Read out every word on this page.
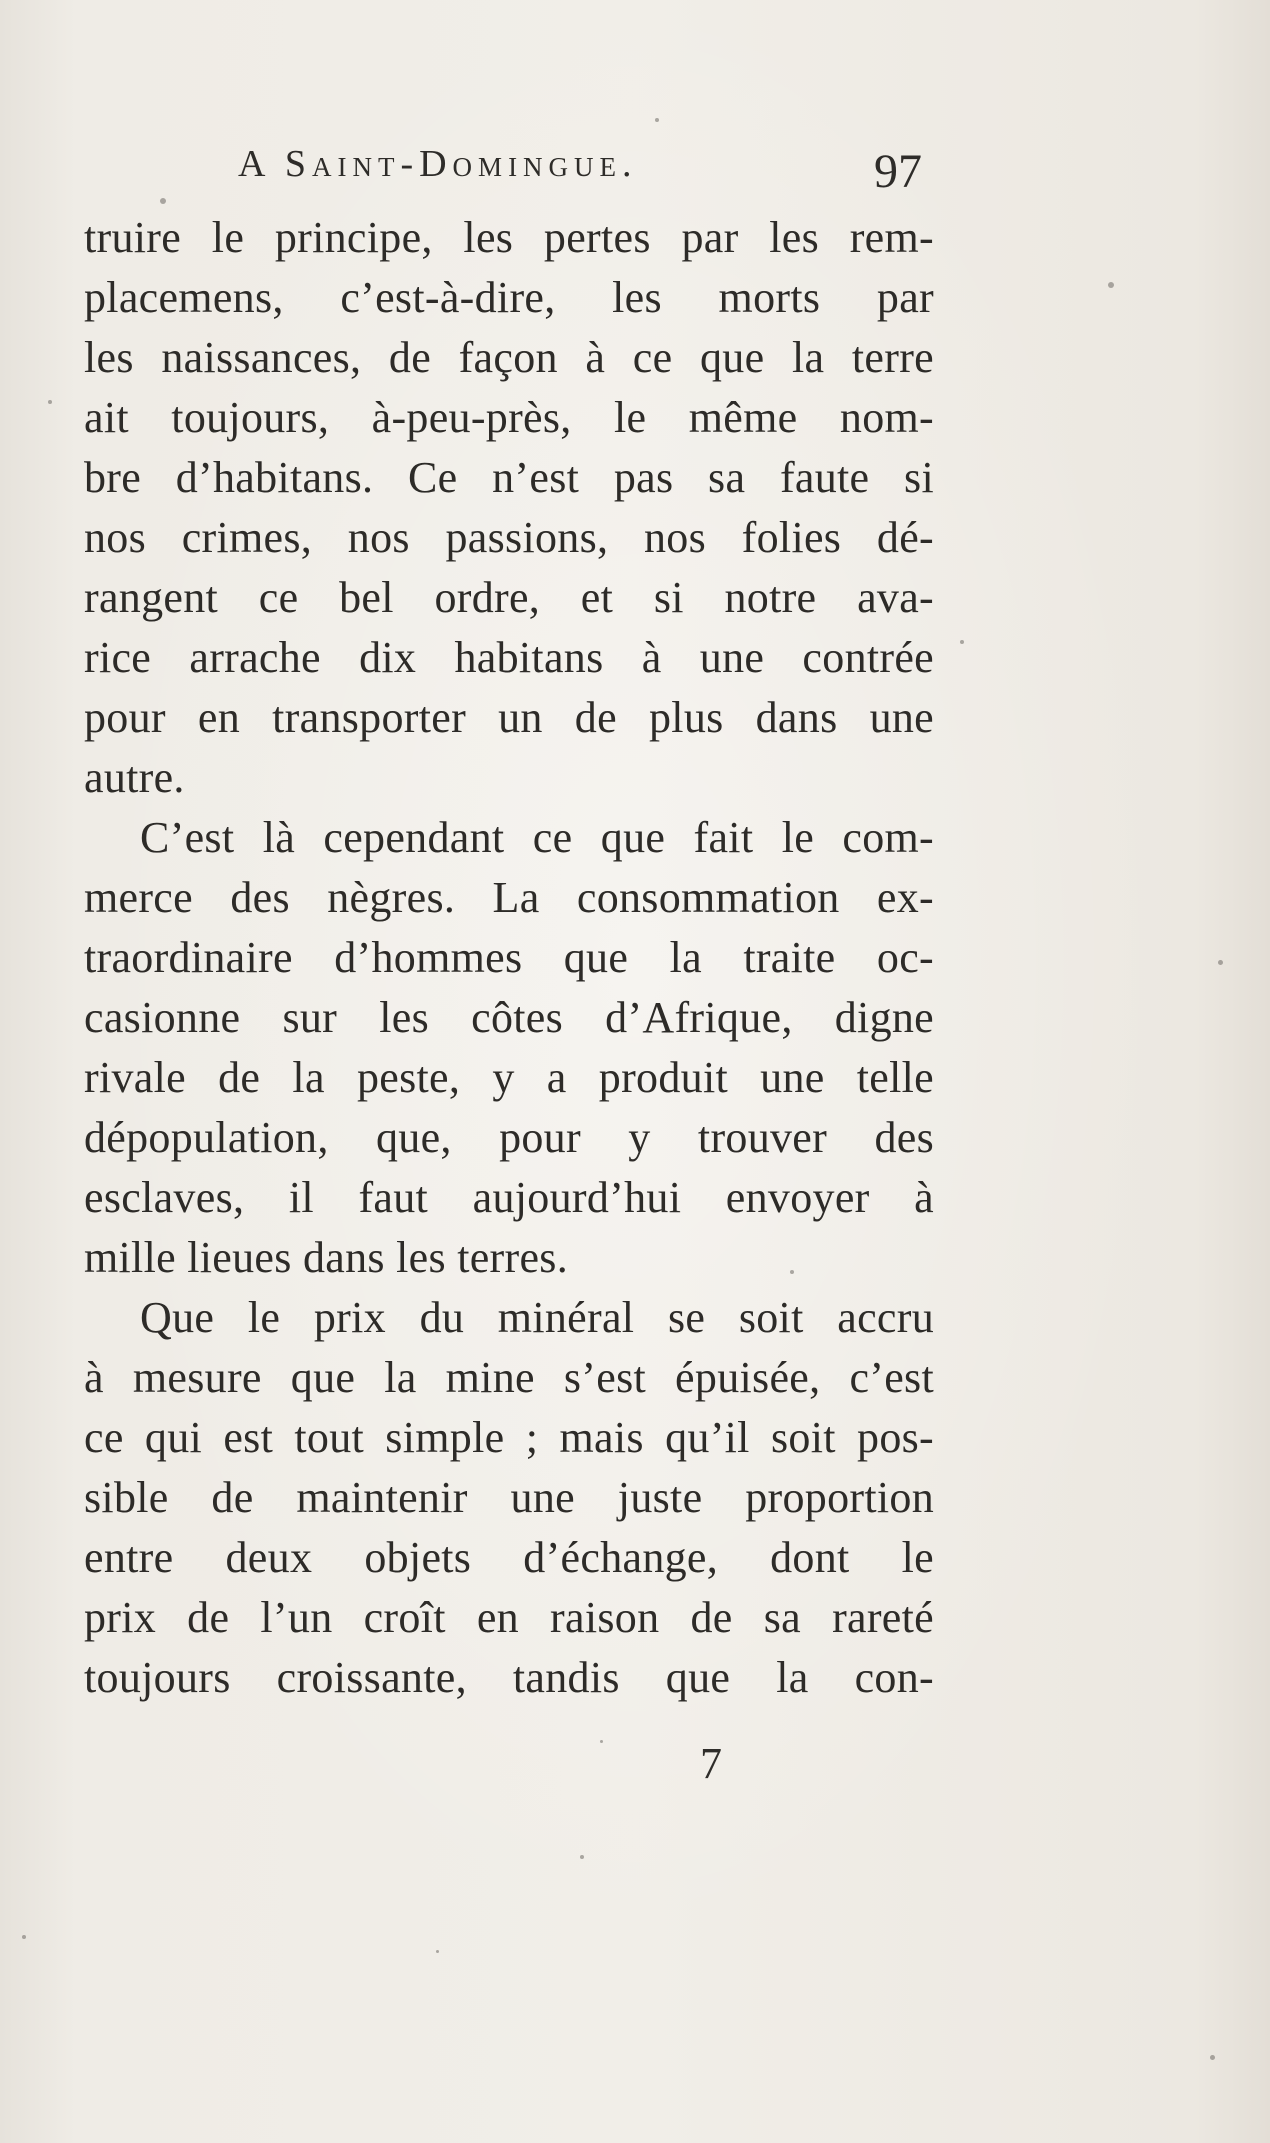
A Saint-Domingue.	97
truire le principe, les pertes par les rem-
placemens, c’est-à-dire, les morts par
les naissances, de façon à ce que la terre
ait toujours, à-peu-près, le même nom-
bre d’habitans. Ce n’est pas sa faute si
nos crimes, nos passions, nos folies dé-
rangent ce bel ordre, et si notre ava-
rice arrache dix habitans à une contrée
pour en transporter un de plus dans une
autre.
C’est là cependant ce que fait le com-
merce des nègres. La consommation ex-
traordinaire d’hommes que la traite oc-
casionne sur les côtes d’Afrique, digne
rivale de la peste, y a produit une telle
dépopulation, que, pour y trouver des
esclaves, il faut aujourd’hui envoyer à
mille lieues dans les terres.
Que le prix du minéral se soit accru
à mesure que la mine s’est épuisée, c’est
ce qui est tout simple ; mais qu’il soit pos-
sible de maintenir une juste proportion
entre deux objets d’échange, dont le
prix de l’un croît en raison de sa rareté
toujours croissante, tandis que la con-
7
